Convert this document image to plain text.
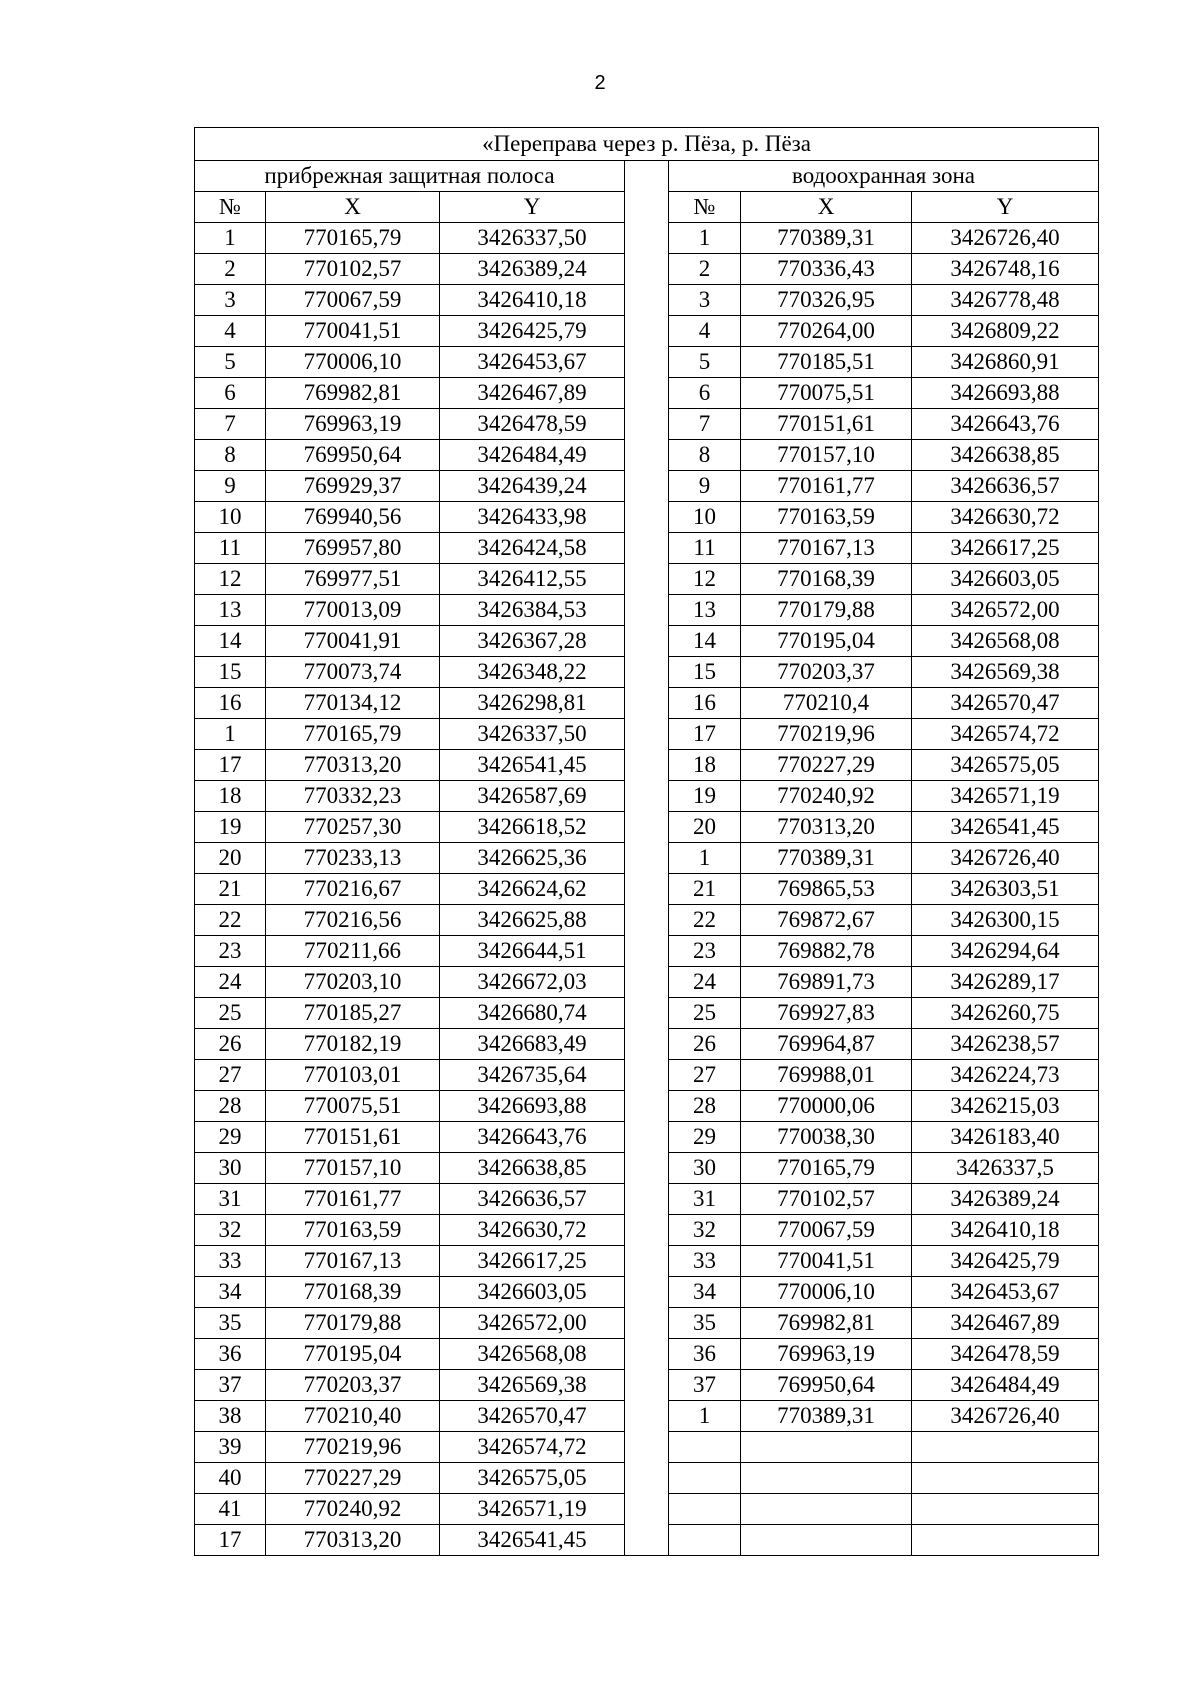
2
«Переправа через р. Пёза, р. Пёза						
прибрежная защитная полоса				водоохранная зона		
№	X	Y		№	X	Y
1	770165,79	3426337,50		1	770389,31	3426726,40
2	770102,57	3426389,24		2	770336,43	3426748,16
3	770067,59	3426410,18		3	770326,95	3426778,48
4	770041,51	3426425,79		4	770264,00	3426809,22
5	770006,10	3426453,67		5	770185,51	3426860,91
6	769982,81	3426467,89		6	770075,51	3426693,88
7	769963,19	3426478,59		7	770151,61	3426643,76
8	769950,64	3426484,49		8	770157,10	3426638,85
9	769929,37	3426439,24		9	770161,77	3426636,57
10	769940,56	3426433,98		10	770163,59	3426630,72
11	769957,80	3426424,58		11	770167,13	3426617,25
12	769977,51	3426412,55		12	770168,39	3426603,05
13	770013,09	3426384,53		13	770179,88	3426572,00
14	770041,91	3426367,28		14	770195,04	3426568,08
15	770073,74	3426348,22		15	770203,37	3426569,38
16	770134,12	3426298,81		16	770210,4	3426570,47
1	770165,79	3426337,50		17	770219,96	3426574,72
17	770313,20	3426541,45		18	770227,29	3426575,05
18	770332,23	3426587,69		19	770240,92	3426571,19
19	770257,30	3426618,52		20	770313,20	3426541,45
20	770233,13	3426625,36		1	770389,31	3426726,40
21	770216,67	3426624,62		21	769865,53	3426303,51
22	770216,56	3426625,88		22	769872,67	3426300,15
23	770211,66	3426644,51		23	769882,78	3426294,64
24	770203,10	3426672,03		24	769891,73	3426289,17
25	770185,27	3426680,74		25	769927,83	3426260,75
26	770182,19	3426683,49		26	769964,87	3426238,57
27	770103,01	3426735,64		27	769988,01	3426224,73
28	770075,51	3426693,88		28	770000,06	3426215,03
29	770151,61	3426643,76		29	770038,30	3426183,40
30	770157,10	3426638,85		30	770165,79	3426337,5
31	770161,77	3426636,57		31	770102,57	3426389,24
32	770163,59	3426630,72		32	770067,59	3426410,18
33	770167,13	3426617,25		33	770041,51	3426425,79
34	770168,39	3426603,05		34	770006,10	3426453,67
35	770179,88	3426572,00		35	769982,81	3426467,89
36	770195,04	3426568,08		36	769963,19	3426478,59
37	770203,37	3426569,38		37	769950,64	3426484,49
38	770210,40	3426570,47		1	770389,31	3426726,40
39	770219,96	3426574,72				
40	770227,29	3426575,05				
41	770240,92	3426571,19				
17	770313,20	3426541,45				
